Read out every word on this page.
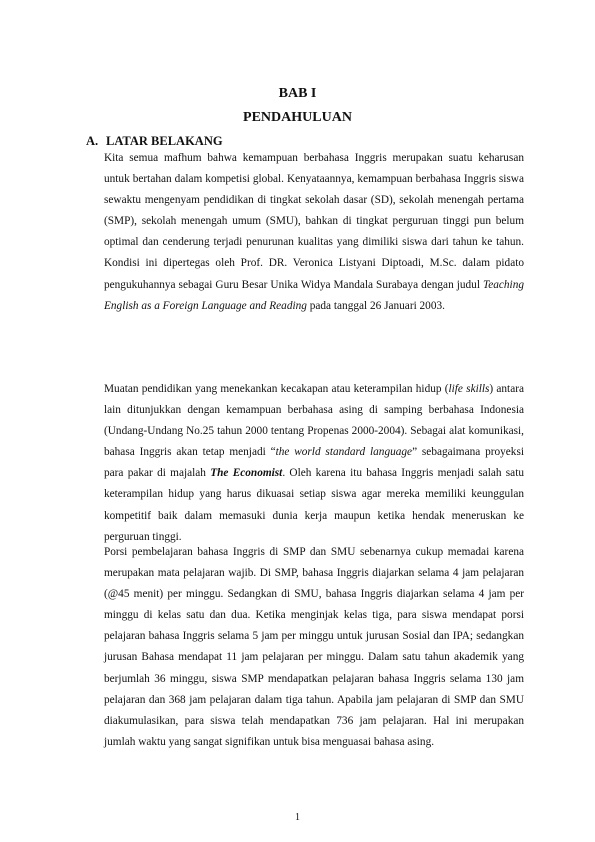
BAB I
PENDAHULUAN
A. LATAR BELAKANG

Kita semua mafhum bahwa kemampuan berbahasa Inggris merupakan suatu keharusan untuk bertahan dalam kompetisi global. Kenyataannya, kemampuan berbahasa Inggris siswa sewaktu mengenyam pendidikan di tingkat sekolah dasar (SD), sekolah menengah pertama (SMP), sekolah menengah umum (SMU), bahkan di tingkat perguruan tinggi pun belum optimal dan cenderung terjadi penurunan kualitas yang dimiliki siswa dari tahun ke tahun. Kondisi ini dipertegas oleh Prof. DR. Veronica Listyani Diptoadi, M.Sc. dalam pidato pengukuhannya sebagai Guru Besar Unika Widya Mandala Surabaya dengan judul Teaching English as a Foreign Language and Reading pada tanggal 26 Januari 2003.

Muatan pendidikan yang menekankan kecakapan atau keterampilan hidup (life skills) antara lain ditunjukkan dengan kemampuan berbahasa asing di samping berbahasa Indonesia (Undang-Undang No.25 tahun 2000 tentang Propenas 2000-2004). Sebagai alat komunikasi, bahasa Inggris akan tetap menjadi “the world standard language” sebagaimana proyeksi para pakar di majalah The Economist. Oleh karena itu bahasa Inggris menjadi salah satu keterampilan hidup yang harus dikuasai setiap siswa agar mereka memiliki keunggulan kompetitif baik dalam memasuki dunia kerja maupun ketika hendak meneruskan ke perguruan tinggi.

Porsi pembelajaran bahasa Inggris di SMP dan SMU sebenarnya cukup memadai karena merupakan mata pelajaran wajib. Di SMP, bahasa Inggris diajarkan selama 4 jam pelajaran (@45 menit) per minggu. Sedangkan di SMU, bahasa Inggris diajarkan selama 4 jam per minggu di kelas satu dan dua. Ketika menginjak kelas tiga, para siswa mendapat porsi pelajaran bahasa Inggris selama 5 jam per minggu untuk jurusan Sosial dan IPA; sedangkan jurusan Bahasa mendapat 11 jam pelajaran per minggu. Dalam satu tahun akademik yang berjumlah 36 minggu, siswa SMP mendapatkan pelajaran bahasa Inggris selama 130 jam pelajaran dan 368 jam pelajaran dalam tiga tahun. Apabila jam pelajaran di SMP dan SMU diakumulasikan, para siswa telah mendapatkan 736 jam pelajaran. Hal ini merupakan jumlah waktu yang sangat signifikan untuk bisa menguasai bahasa asing.

1
